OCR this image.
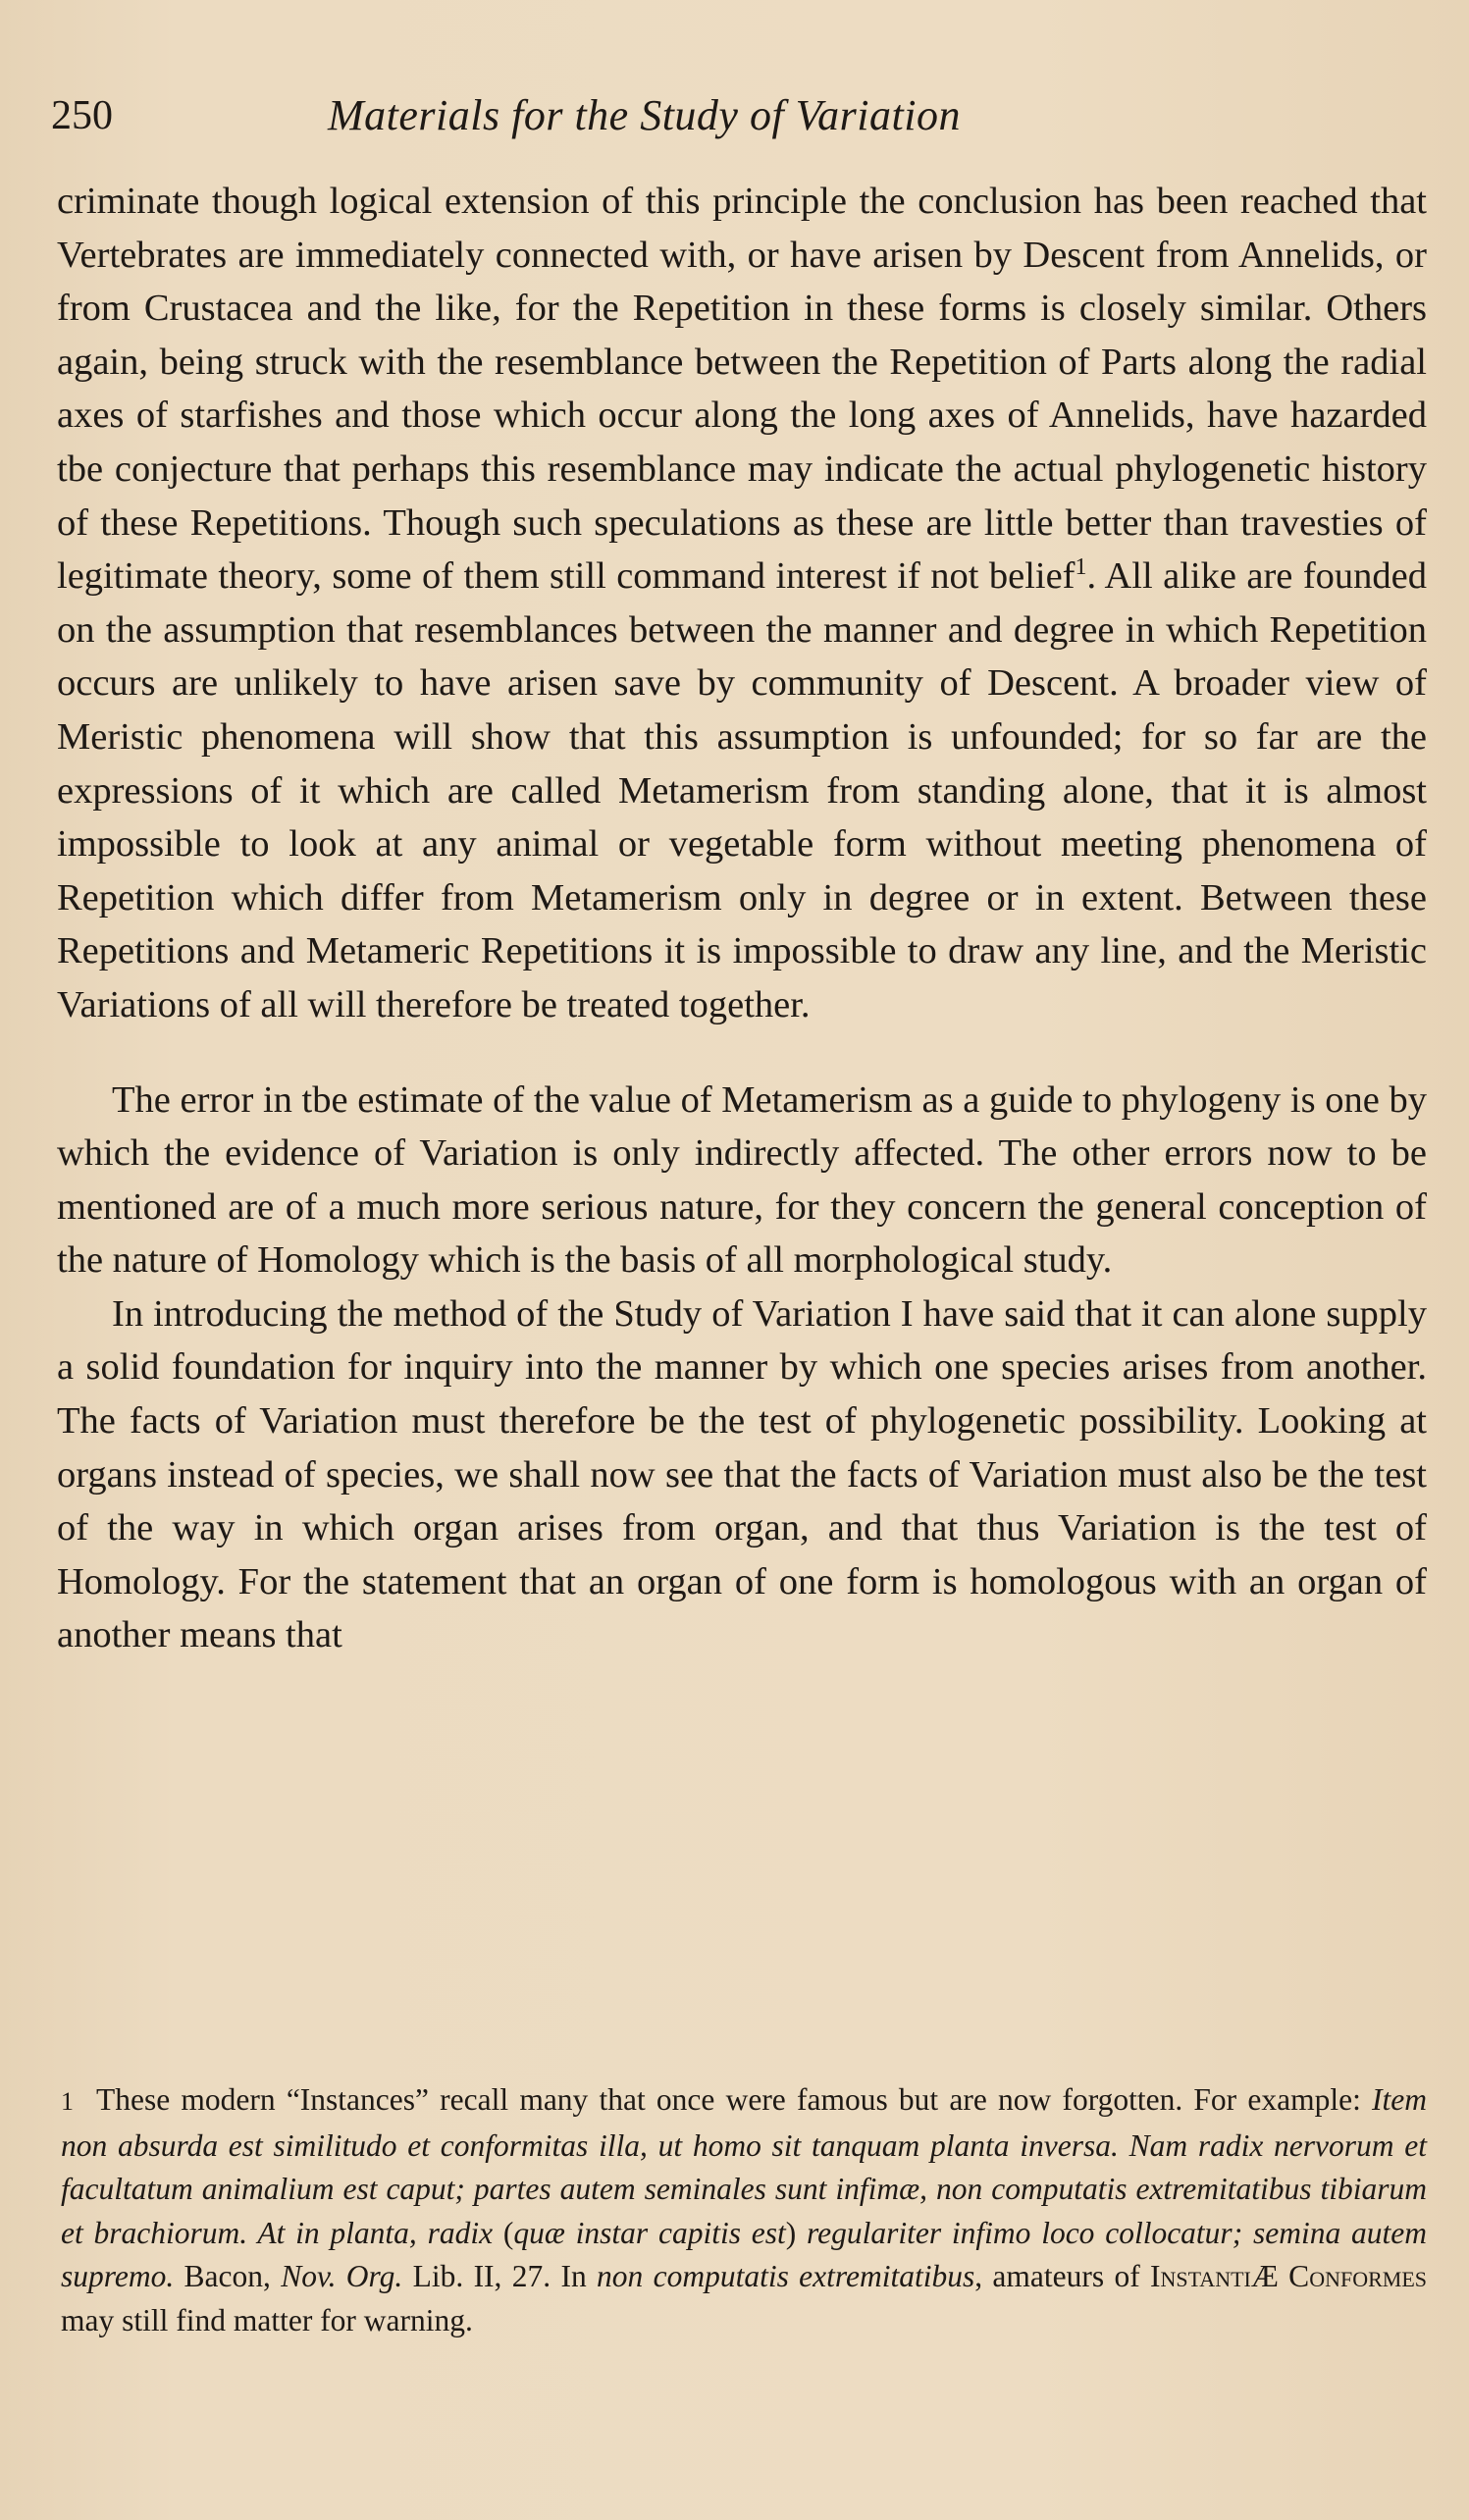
250	Materials for the Study of Variation

criminate though logical extension of this principle the conclusion has been reached that Vertebrates are immediately connected with, or have arisen by Descent from Annelids, or from Crustacea and the like, for the Repetition in these forms is closely similar. Others again, being struck with the resemblance between the Repetition of Parts along the radial axes of starfishes and those which occur along the long axes of Annelids, have hazarded tbe conjecture that perhaps this resemblance may indicate the actual phylogenetic history of these Repetitions. Though such speculations as these are little better than travesties of legitimate theory, some of them still command interest if not belief$^1$. All alike are founded on the assumption that resemblances between the manner and degree in which Repetition occurs are unlikely to have arisen save by community of Descent. A broader view of Meristic phenomena will show that this assumption is unfounded; for so far are the expressions of it which are called Metamerism from standing alone, that it is almost impossible to look at any animal or vegetable form without meeting phenomena of Repetition which differ from Metamerism only in degree or in extent. Between these Repetitions and Metameric Repetitions it is impossible to draw any line, and the Meristic Variations of all will therefore be treated together.

The error in tbe estimate of the value of Metamerism as a guide to phylogeny is one by which the evidence of Variation is only indirectly affected. The other errors now to be mentioned are of a much more serious nature, for they concern the general conception of the nature of Homology which is the basis of all morphological study.

In introducing the method of the Study of Variation I have said that it can alone supply a solid foundation for inquiry into the manner by which one species arises from another. The facts of Variation must therefore be the test of phylogenetic possibility. Looking at organs instead of species, we shall now see that the facts of Variation must also be the test of the way in which organ arises from organ, and that thus Variation is the test of Homology. For the statement that an organ of one form is homologous with an organ of another means that

1 These modern “Instances” recall many that once were famous but are now forgotten. For example: Item non absurda est similitudo et conformitas illa, ut homo sit tanquam planta inversa. Nam radix nervorum et facultatum animalium est caput; partes autem seminales sunt infimæ, non computatis extremitatibus tibiarum et brachiorum. At in planta, radix (quæ instar capitis est) regulariter infimo loco collocatur; semina autem supremo. Bacon, Nov. Org. Lib. II, 27. In non computatis extremitatibus, amateurs of InstantiÆ Conformes may still find matter for warning.
